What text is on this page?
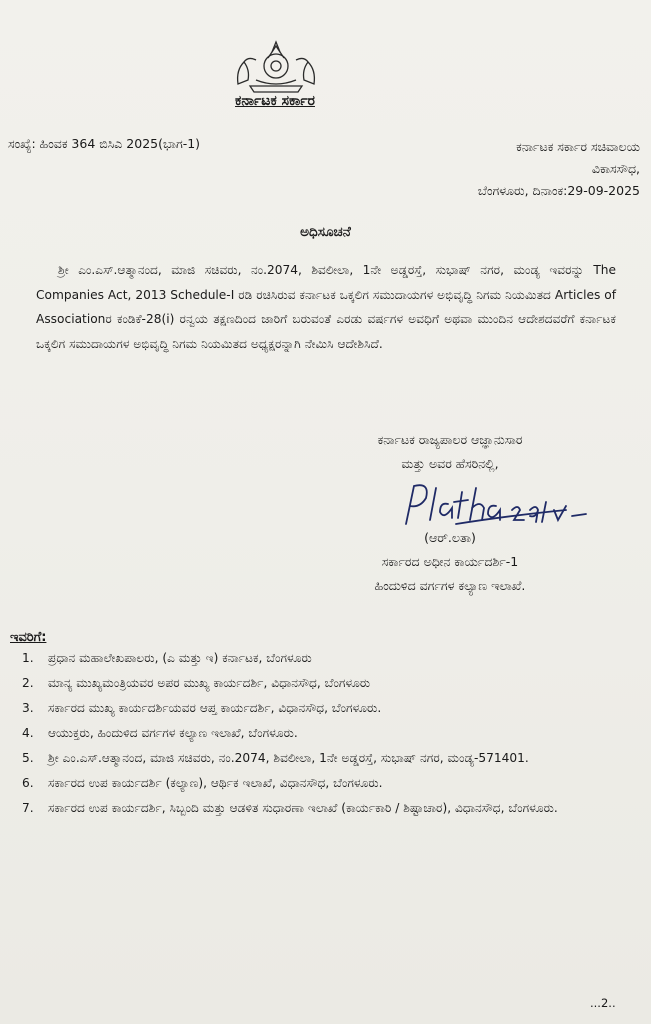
ಕರ್ನಾಟಕ ಸರ್ಕಾರ
ಸಂಖ್ಯೆ: ಹಿಂವಕ 364 ಬಿಸಿಎ 2025(ಭಾಗ-1)	ಕರ್ನಾಟಕ ಸರ್ಕಾರ ಸಚಿವಾಲಯ
ವಿಕಾಸಸೌಧ,
ಬೆಂಗಳೂರು, ದಿನಾಂಕ:29-09-2025
ಅಧಿಸೂಚನೆ

ಶ್ರೀ ಎಂ.ಎಸ್.ಆತ್ಮಾನಂದ, ಮಾಜಿ ಸಚಿವರು, ನಂ.2074, ಶಿವಲೀಲಾ, 1ನೇ ಅಡ್ಡರಸ್ತೆ, ಸುಭಾಷ್ ನಗರ, ಮಂಡ್ಯ ಇವರನ್ನು The Companies Act, 2013 Schedule-I ರಡಿ ರಚಿಸಿರುವ ಕರ್ನಾಟಕ ಒಕ್ಕಲಿಗ ಸಮುದಾಯಗಳ ಅಭಿವೃದ್ಧಿ ನಿಗಮ ನಿಯಮಿತದ Articles of Associationರ ಕಂಡಿಕೆ-28(i) ರನ್ವಯ ತಕ್ಷಣದಿಂದ ಜಾರಿಗೆ ಬರುವಂತೆ ಎರಡು ವರ್ಷಗಳ ಅವಧಿಗೆ ಅಥವಾ ಮುಂದಿನ ಆದೇಶದವರೆಗೆ ಕರ್ನಾಟಕ ಒಕ್ಕಲಿಗ ಸಮುದಾಯಗಳ ಅಭಿವೃದ್ಧಿ ನಿಗಮ ನಿಯಮಿತದ ಅಧ್ಯಕ್ಷರನ್ನಾಗಿ ನೇಮಿಸಿ ಆದೇಶಿಸಿದೆ.

ಕರ್ನಾಟಕ ರಾಜ್ಯಪಾಲರ ಆಜ್ಞಾನುಸಾರ
ಮತ್ತು ಅವರ ಹೆಸರಿನಲ್ಲಿ,
(ಆರ್.ಲತಾ)
ಸರ್ಕಾರದ ಅಧೀನ ಕಾರ್ಯದರ್ಶಿ-1
ಹಿಂದುಳಿದ ವರ್ಗಗಳ ಕಲ್ಯಾಣ ಇಲಾಖೆ.
ಇವರಿಗೆ:
1.	ಪ್ರಧಾನ ಮಹಾಲೇಖಪಾಲರು, (ಎ ಮತ್ತು ಇ) ಕರ್ನಾಟಕ, ಬೆಂಗಳೂರು
2.	ಮಾನ್ಯ ಮುಖ್ಯಮಂತ್ರಿಯವರ ಅಪರ ಮುಖ್ಯ ಕಾರ್ಯದರ್ಶಿ, ವಿಧಾನಸೌಧ, ಬೆಂಗಳೂರು
3.	ಸರ್ಕಾರದ ಮುಖ್ಯ ಕಾರ್ಯದರ್ಶಿಯವರ ಆಪ್ತ ಕಾರ್ಯದರ್ಶಿ, ವಿಧಾನಸೌಧ, ಬೆಂಗಳೂರು.
4.	ಆಯುಕ್ತರು, ಹಿಂದುಳಿದ ವರ್ಗಗಳ ಕಲ್ಯಾಣ ಇಲಾಖೆ, ಬೆಂಗಳೂರು.
5.	ಶ್ರೀ ಎಂ.ಎಸ್.ಆತ್ಮಾನಂದ, ಮಾಜಿ ಸಚಿವರು, ನಂ.2074, ಶಿವಲೀಲಾ, 1ನೇ ಅಡ್ಡರಸ್ತೆ, ಸುಭಾಷ್ ನಗರ, ಮಂಡ್ಯ-571401.
6.	ಸರ್ಕಾರದ ಉಪ ಕಾರ್ಯದರ್ಶಿ (ಕಲ್ಯಾಣ), ಆರ್ಥಿಕ ಇಲಾಖೆ, ವಿಧಾನಸೌಧ, ಬೆಂಗಳೂರು.
7.	ಸರ್ಕಾರದ ಉಪ ಕಾರ್ಯದರ್ಶಿ, ಸಿಬ್ಬಂದಿ ಮತ್ತು ಆಡಳಿತ ಸುಧಾರಣಾ ಇಲಾಖೆ (ಕಾರ್ಯಕಾರಿ / ಶಿಷ್ಟಾಚಾರ), ವಿಧಾನಸೌಧ, ಬೆಂಗಳೂರು.
...2..
